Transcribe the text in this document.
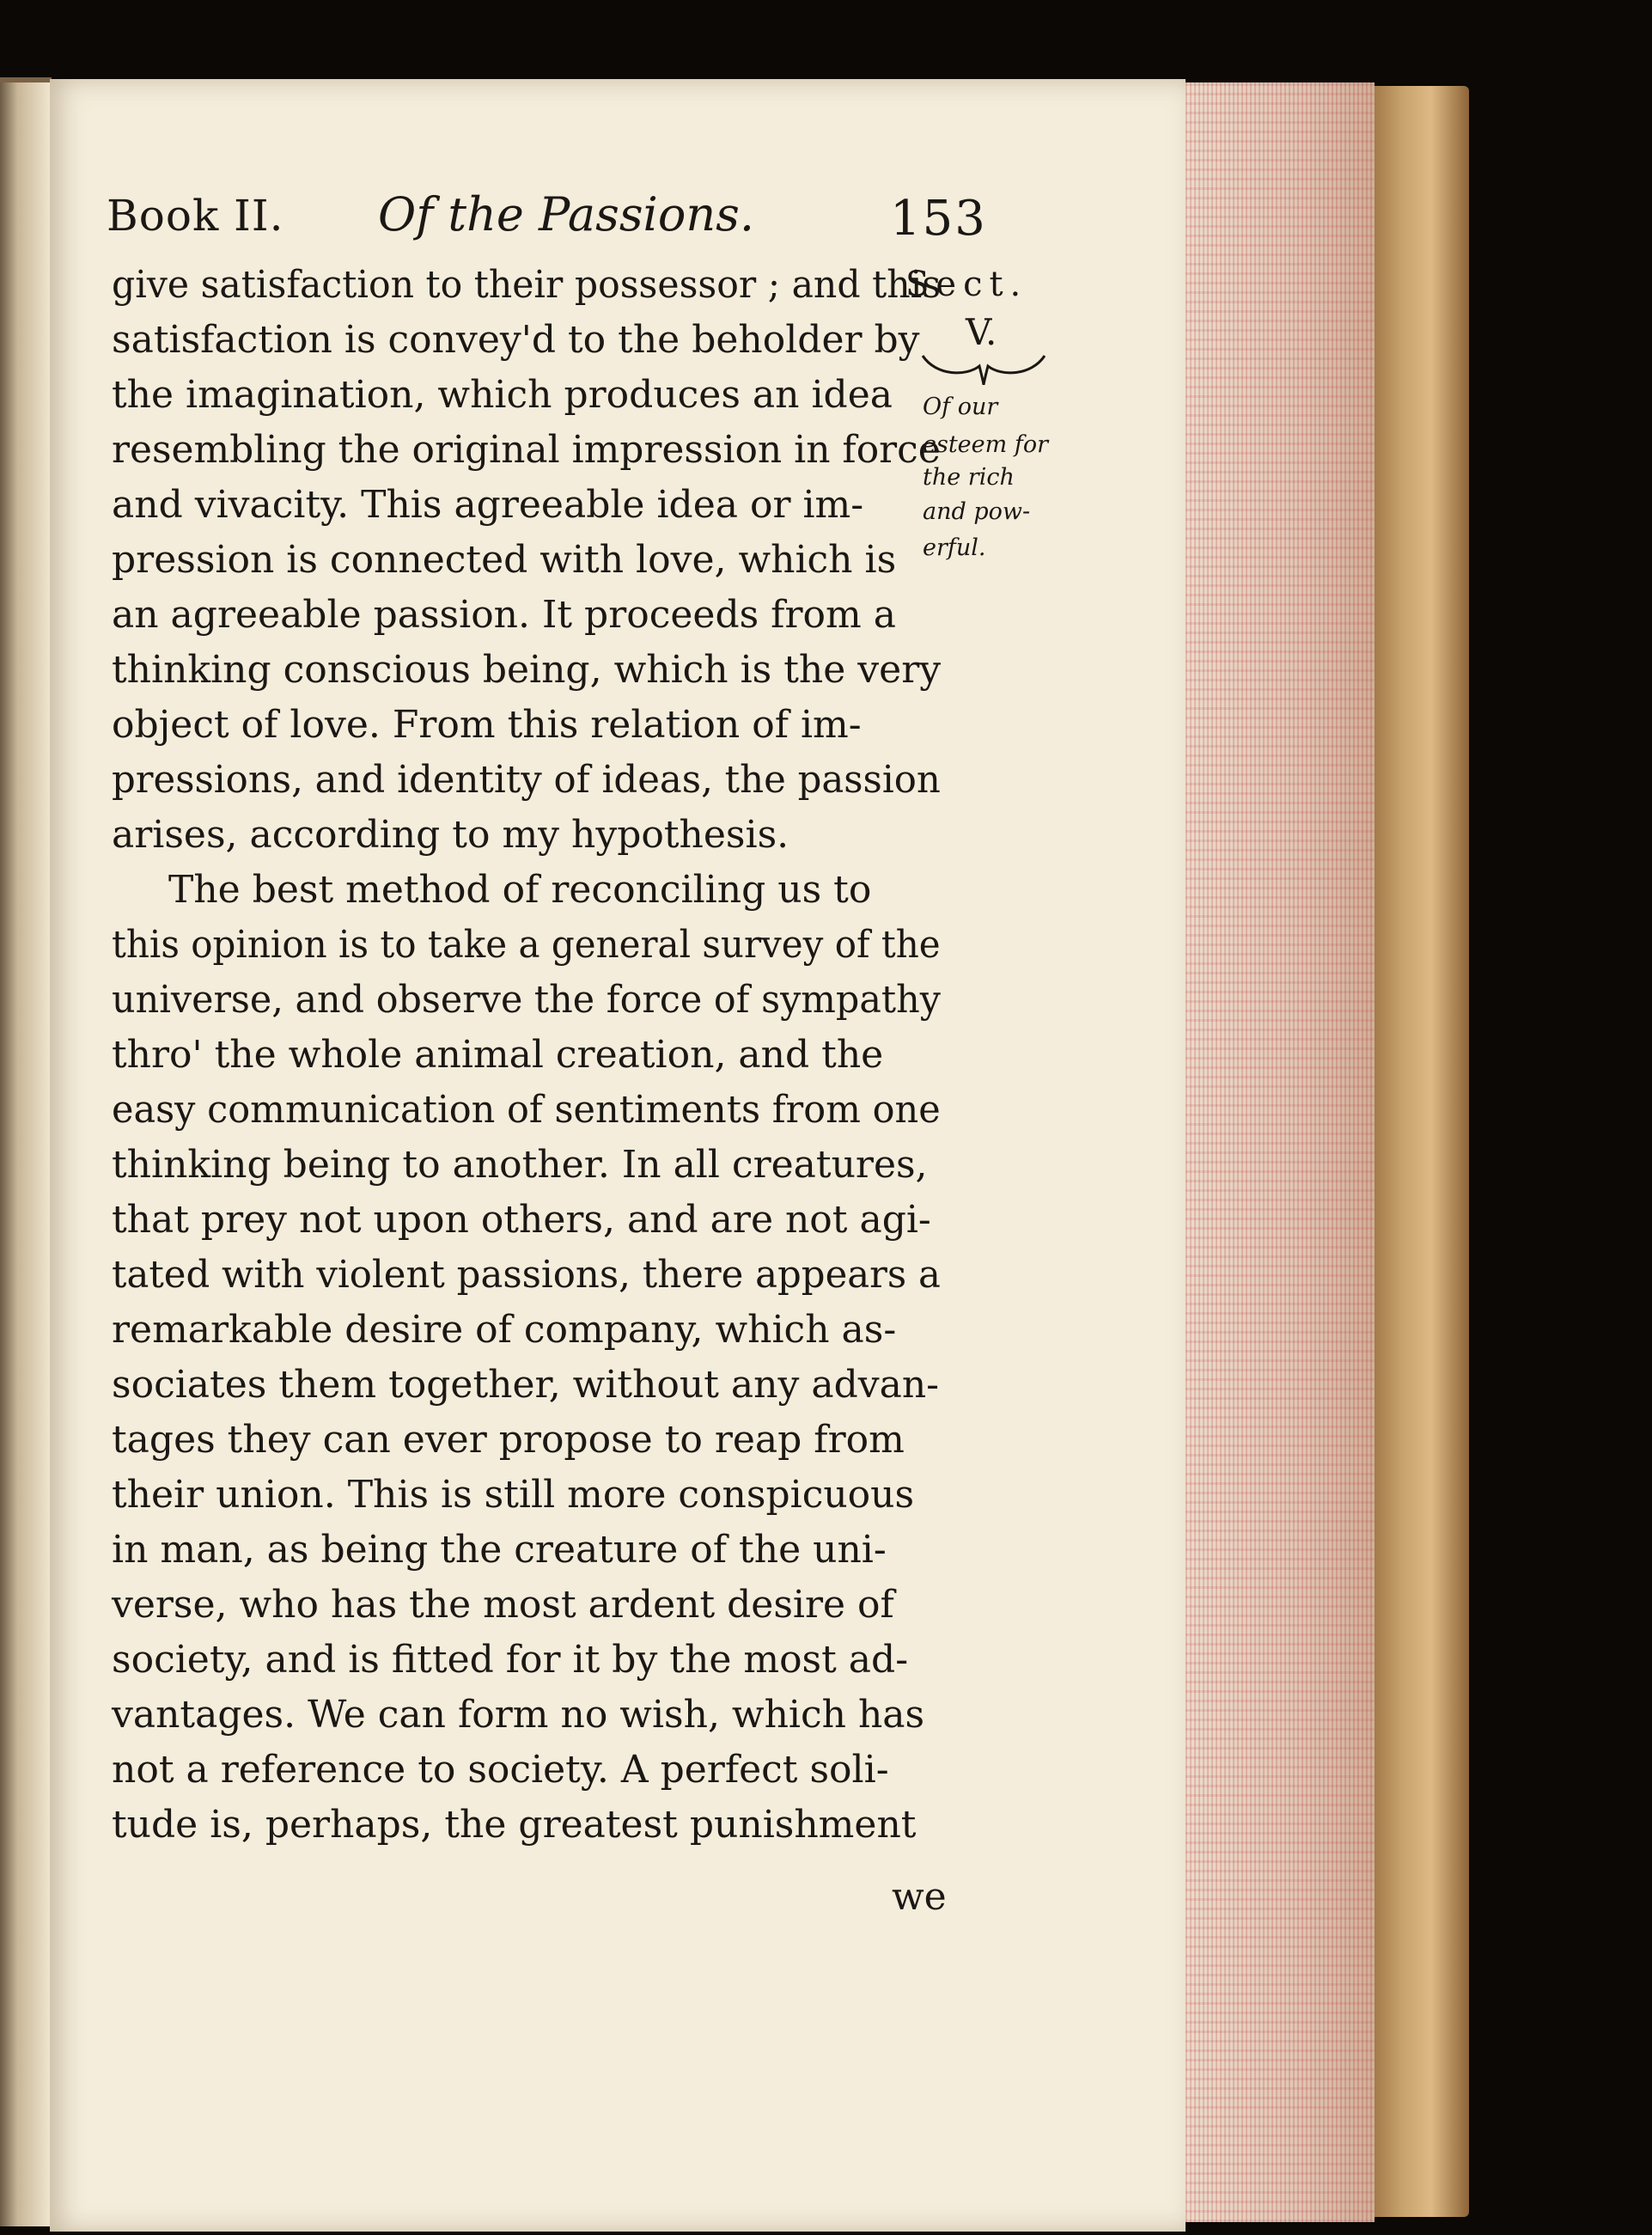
Book II. Of the Passions.	153
Sect.
V.
Of our
esteem for
the rich
and pow-
erful.
give satisfaction to their possessor ; and this
satisfaction is convey'd to the beholder by
the imagination, which produces an idea
resembling the original impression in force
and vivacity. This agreeable idea or im-
pression is connected with love, which is
an agreeable passion. It proceeds from a
thinking conscious being, which is the very
object of love. From this relation of im-
pressions, and identity of ideas, the passion
arises, according to my hypothesis.
The best method of reconciling us to
this opinion is to take a general survey of the
universe, and observe the force of sympathy
thro' the whole animal creation, and the
easy communication of sentiments from one
thinking being to another. In all creatures,
that prey not upon others, and are not agi-
tated with violent passions, there appears a
remarkable desire of company, which as-
sociates them together, without any advan-
tages they can ever propose to reap from
their union. This is still more conspicuous
in man, as being the creature of the uni-
verse, who has the most ardent desire of
society, and is fitted for it by the most ad-
vantages. We can form no wish, which has
not a reference to society. A perfect soli-
tude is, perhaps, the greatest punishment
we
